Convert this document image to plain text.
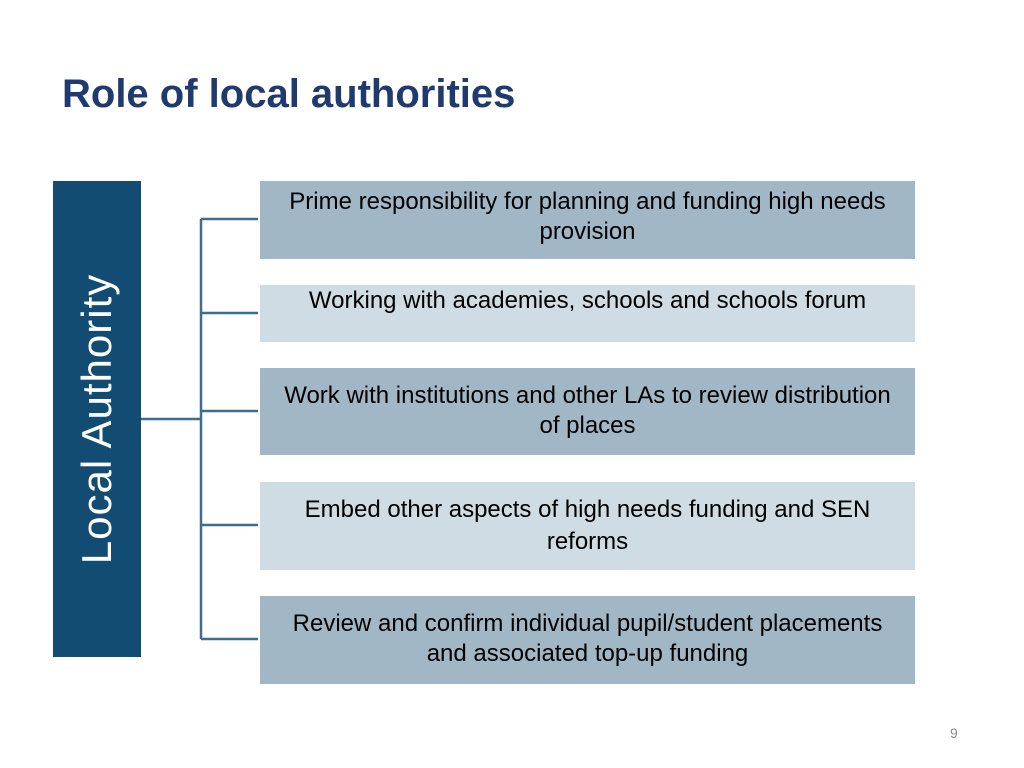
Role of local authorities
Local Authority
Prime responsibility for planning and funding high needs provision
Working with academies, schools and schools forum
Work with institutions and other LAs to review distribution of places
Embed other aspects of high needs funding and SEN reforms
Review and confirm individual pupil/student placements and associated top-up funding
9
